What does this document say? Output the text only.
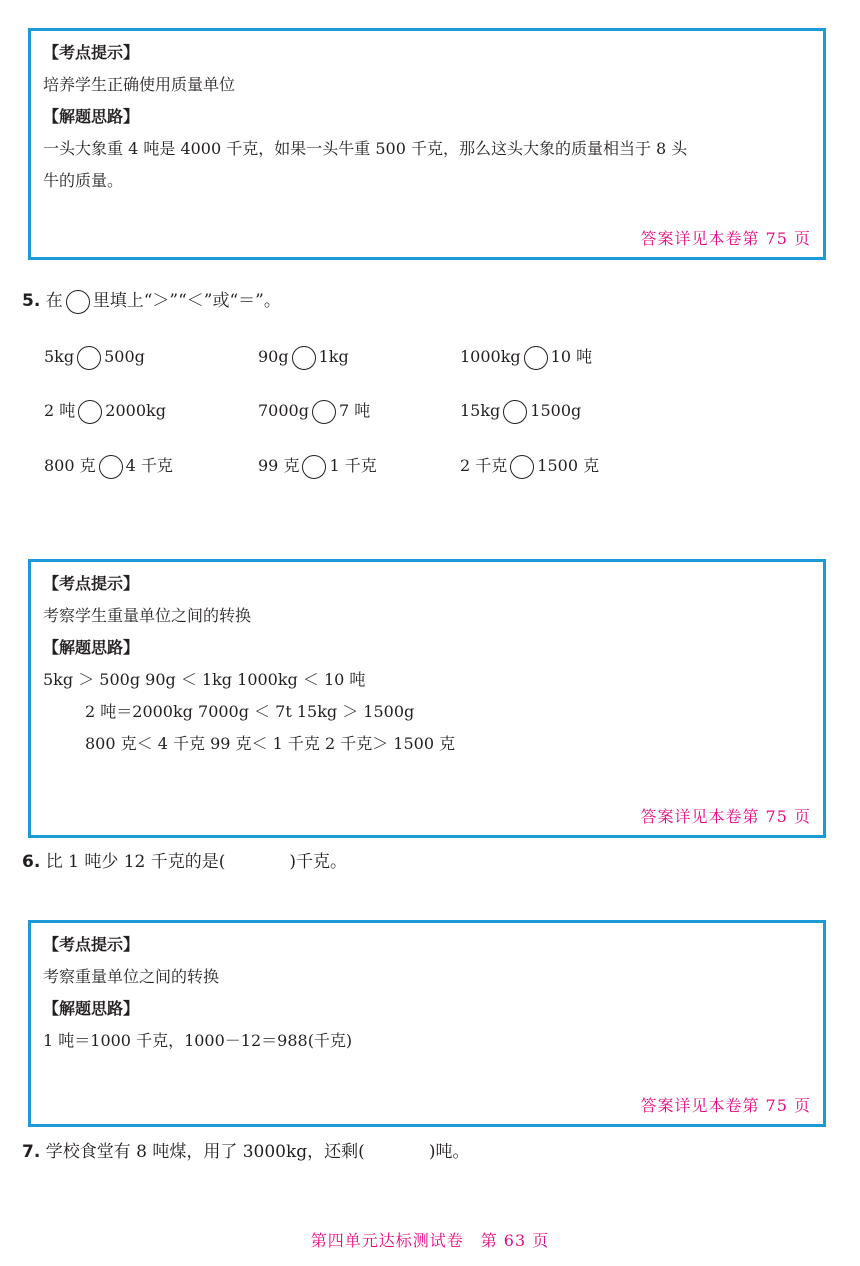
【考点提示】
培养学生正确使用质量单位
【解题思路】
一头大象重 4 吨是 4000 千克，如果一头牛重 500 千克，那么这头大象的质量相当于 8 头
牛的质量。
答案详见本卷第 75 页
5. 在 里填上“＞”“＜”或“＝”。
5kg 500g	90g 1kg	1000kg 10 吨
2 吨 2000kg	7000g 7 吨	15kg 1500g
800 克 4 千克	99 克 1 千克	2 千克 1500 克
【考点提示】
考察学生重量单位之间的转换
【解题思路】
5kg ＞ 500g 90g ＜ 1kg 1000kg ＜ 10 吨
2 吨＝2000kg 7000g ＜ 7t 15kg ＞ 1500g
800 克＜ 4 千克 99 克＜ 1 千克 2 千克＞ 1500 克
答案详见本卷第 75 页
6. 比 1 吨少 12 千克的是(	)千克。
【考点提示】
考察重量单位之间的转换
【解题思路】
1 吨＝1000 千克，1000－12＝988(千克)
答案详见本卷第 75 页
7. 学校食堂有 8 吨煤，用了 3000kg，还剩(	)吨。
第四单元达标测试卷　第 63 页
